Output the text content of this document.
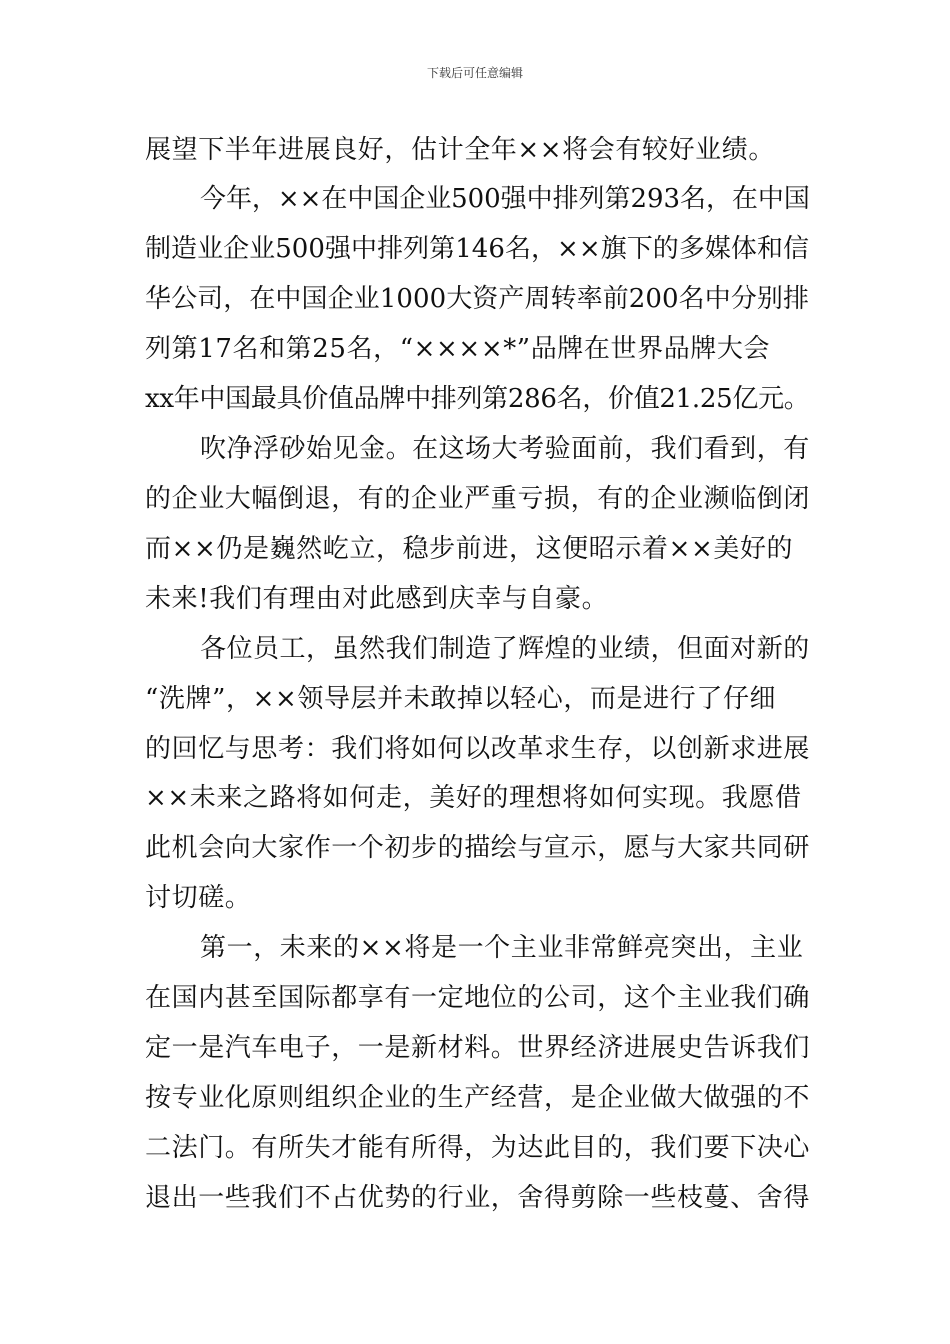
下载后可任意编辑
展望下半年进展良好，估计全年××将会有较好业绩。
今年，××在中国企业500强中排列第293名，在中国
制造业企业500强中排列第146名，××旗下的多媒体和信
华公司，在中国企业1000大资产周转率前200名中分别排
列第17名和第25名，“××××*”品牌在世界品牌大会
xx年中国最具价值品牌中排列第286名，价值21.25亿元。
吹净浮砂始见金。在这场大考验面前，我们看到，有
的企业大幅倒退，有的企业严重亏损，有的企业濒临倒闭
而××仍是巍然屹立，稳步前进，这便昭示着××美好的
未来!我们有理由对此感到庆幸与自豪。
各位员工，虽然我们制造了辉煌的业绩，但面对新的
“洗牌”，××领导层并未敢掉以轻心，而是进行了仔细
的回忆与思考：我们将如何以改革求生存，以创新求进展
××未来之路将如何走，美好的理想将如何实现。我愿借
此机会向大家作一个初步的描绘与宣示，愿与大家共同研
讨切磋。
第一，未来的××将是一个主业非常鲜亮突出，主业
在国内甚至国际都享有一定地位的公司，这个主业我们确
定一是汽车电子，一是新材料。世界经济进展史告诉我们
按专业化原则组织企业的生产经营，是企业做大做强的不
二法门。有所失才能有所得，为达此目的，我们要下决心
退出一些我们不占优势的行业，舍得剪除一些枝蔓、舍得
